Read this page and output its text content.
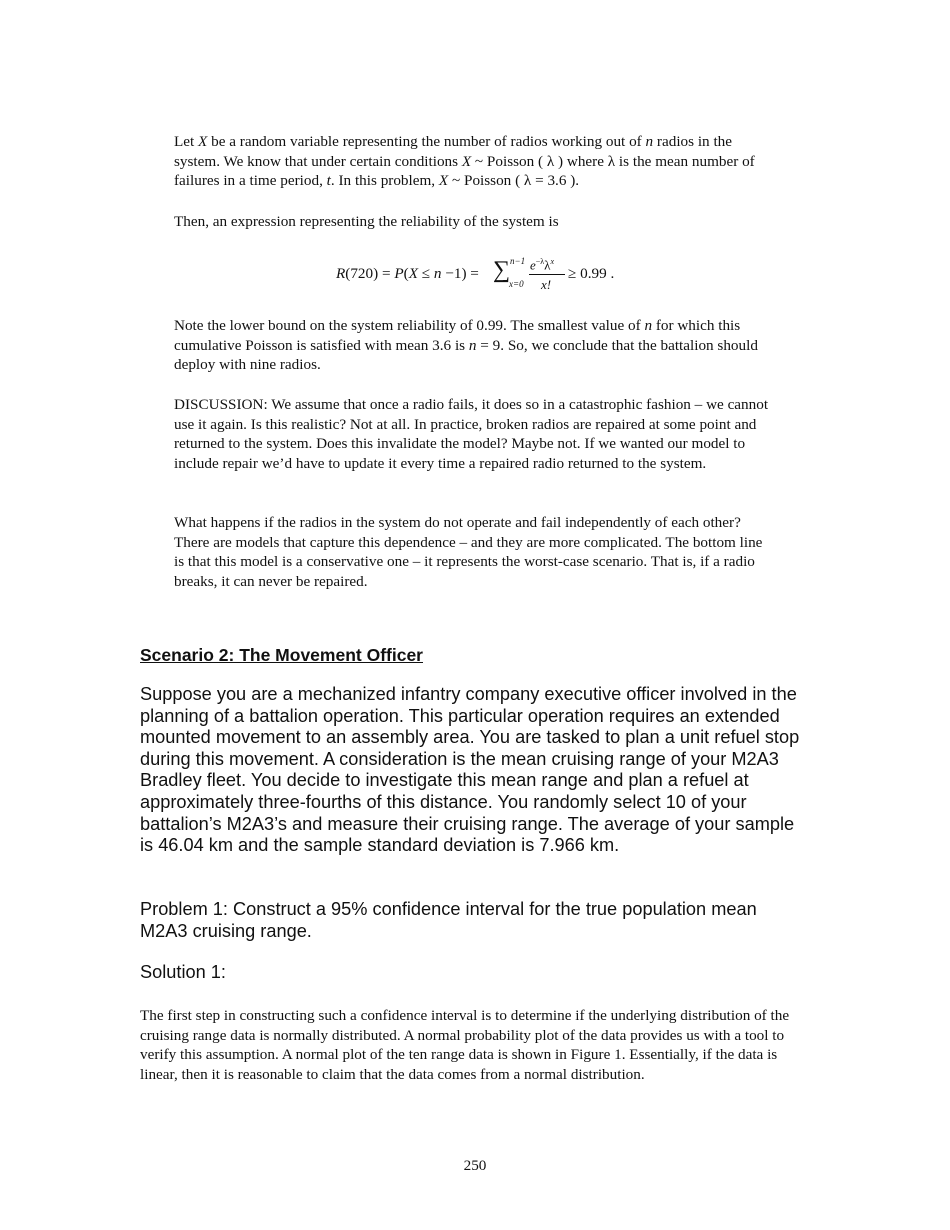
Let X be a random variable representing the number of radios working out of n radios in the system. We know that under certain conditions X ~ Poisson ( λ ) where λ is the mean number of failures in a time period, t. In this problem, X ~ Poisson ( λ = 3.6 ).

Then, an expression representing the reliability of the system is

R(720) = P(X ≤ n −1) = ∑ n−1
x=0
$e^{-\lambda}\lambda^x$
x!
≥ 0.99 .

Note the lower bound on the system reliability of 0.99. The smallest value of n for which this cumulative Poisson is satisfied with mean 3.6 is n = 9. So, we conclude that the battalion should deploy with nine radios.

DISCUSSION: We assume that once a radio fails, it does so in a catastrophic fashion – we cannot use it again. Is this realistic? Not at all. In practice, broken radios are repaired at some point and returned to the system. Does this invalidate the model? Maybe not. If we wanted our model to include repair we’d have to update it every time a repaired radio returned to the system.

What happens if the radios in the system do not operate and fail independently of each other? There are models that capture this dependence – and they are more complicated. The bottom line is that this model is a conservative one – it represents the worst-case scenario. That is, if a radio breaks, it can never be repaired.

Scenario 2: The Movement Officer

Suppose you are a mechanized infantry company executive officer involved in the planning of a battalion operation. This particular operation requires an extended mounted movement to an assembly area. You are tasked to plan a unit refuel stop during this movement. A consideration is the mean cruising range of your M2A3 Bradley fleet. You decide to investigate this mean range and plan a refuel at approximately three-fourths of this distance. You randomly select 10 of your battalion’s M2A3’s and measure their cruising range. The average of your sample is 46.04 km and the sample standard deviation is 7.966 km.

Problem 1: Construct a 95% confidence interval for the true population mean M2A3 cruising range.

Solution 1:

The first step in constructing such a confidence interval is to determine if the underlying distribution of the cruising range data is normally distributed. A normal probability plot of the data provides us with a tool to verify this assumption. A normal plot of the ten range data is shown in Figure 1. Essentially, if the data is linear, then it is reasonable to claim that the data comes from a normal distribution.

250
